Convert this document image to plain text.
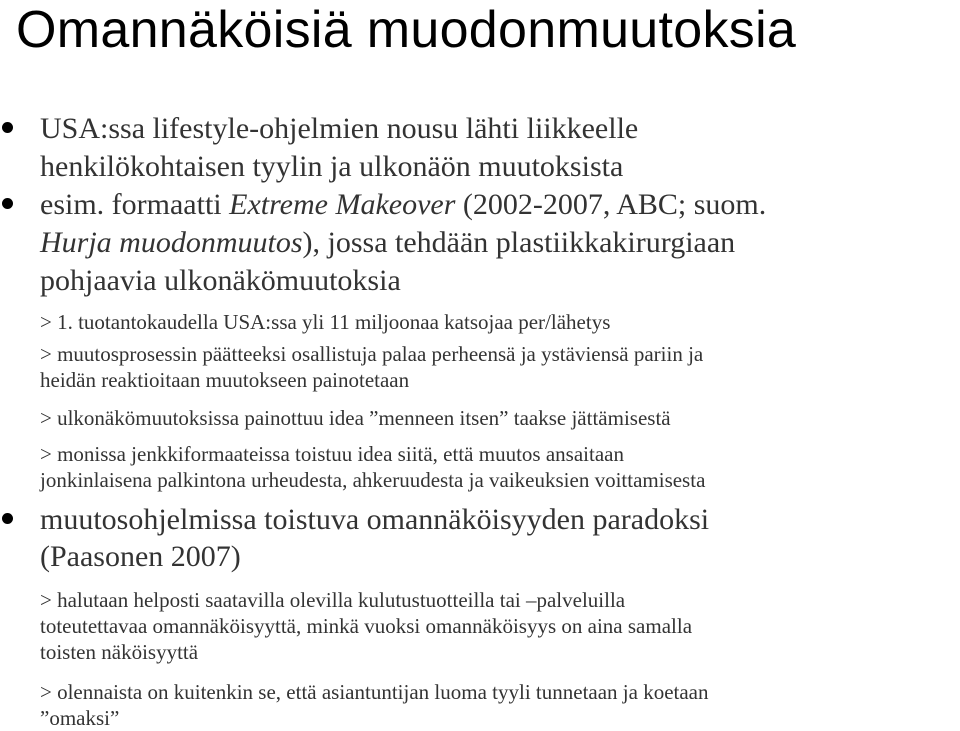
Omannäköisiä muodonmuutoksia
USA:ssa lifestyle-ohjelmien nousu lähti liikkeelle
henkilökohtaisen tyylin ja ulkonäön muutoksista
esim. formaatti Extreme Makeover (2002-2007, ABC; suom.
Hurja muodonmuutos), jossa tehdään plastiikkakirurgiaan
pohjaavia ulkonäkömuutoksia
> 1. tuotantokaudella USA:ssa yli 11 miljoonaa katsojaa per/lähetys
> muutosprosessin päätteeksi osallistuja palaa perheensä ja ystäviensä pariin ja
heidän reaktioitaan muutokseen painotetaan
> ulkonäkömuutoksissa painottuu idea ”menneen itsen” taakse jättämisestä
> monissa jenkkiformaateissa toistuu idea siitä, että muutos ansaitaan
jonkinlaisena palkintona urheudesta, ahkeruudesta ja vaikeuksien voittamisesta
muutosohjelmissa toistuva omannäköisyyden paradoksi
(Paasonen 2007)
> halutaan helposti saatavilla olevilla kulutustuotteilla tai –palveluilla
toteutettavaa omannäköisyyttä, minkä vuoksi omannäköisyys on aina samalla
toisten näköisyyttä
> olennaista on kuitenkin se, että asiantuntijan luoma tyyli tunnetaan ja koetaan
”omaksi”
